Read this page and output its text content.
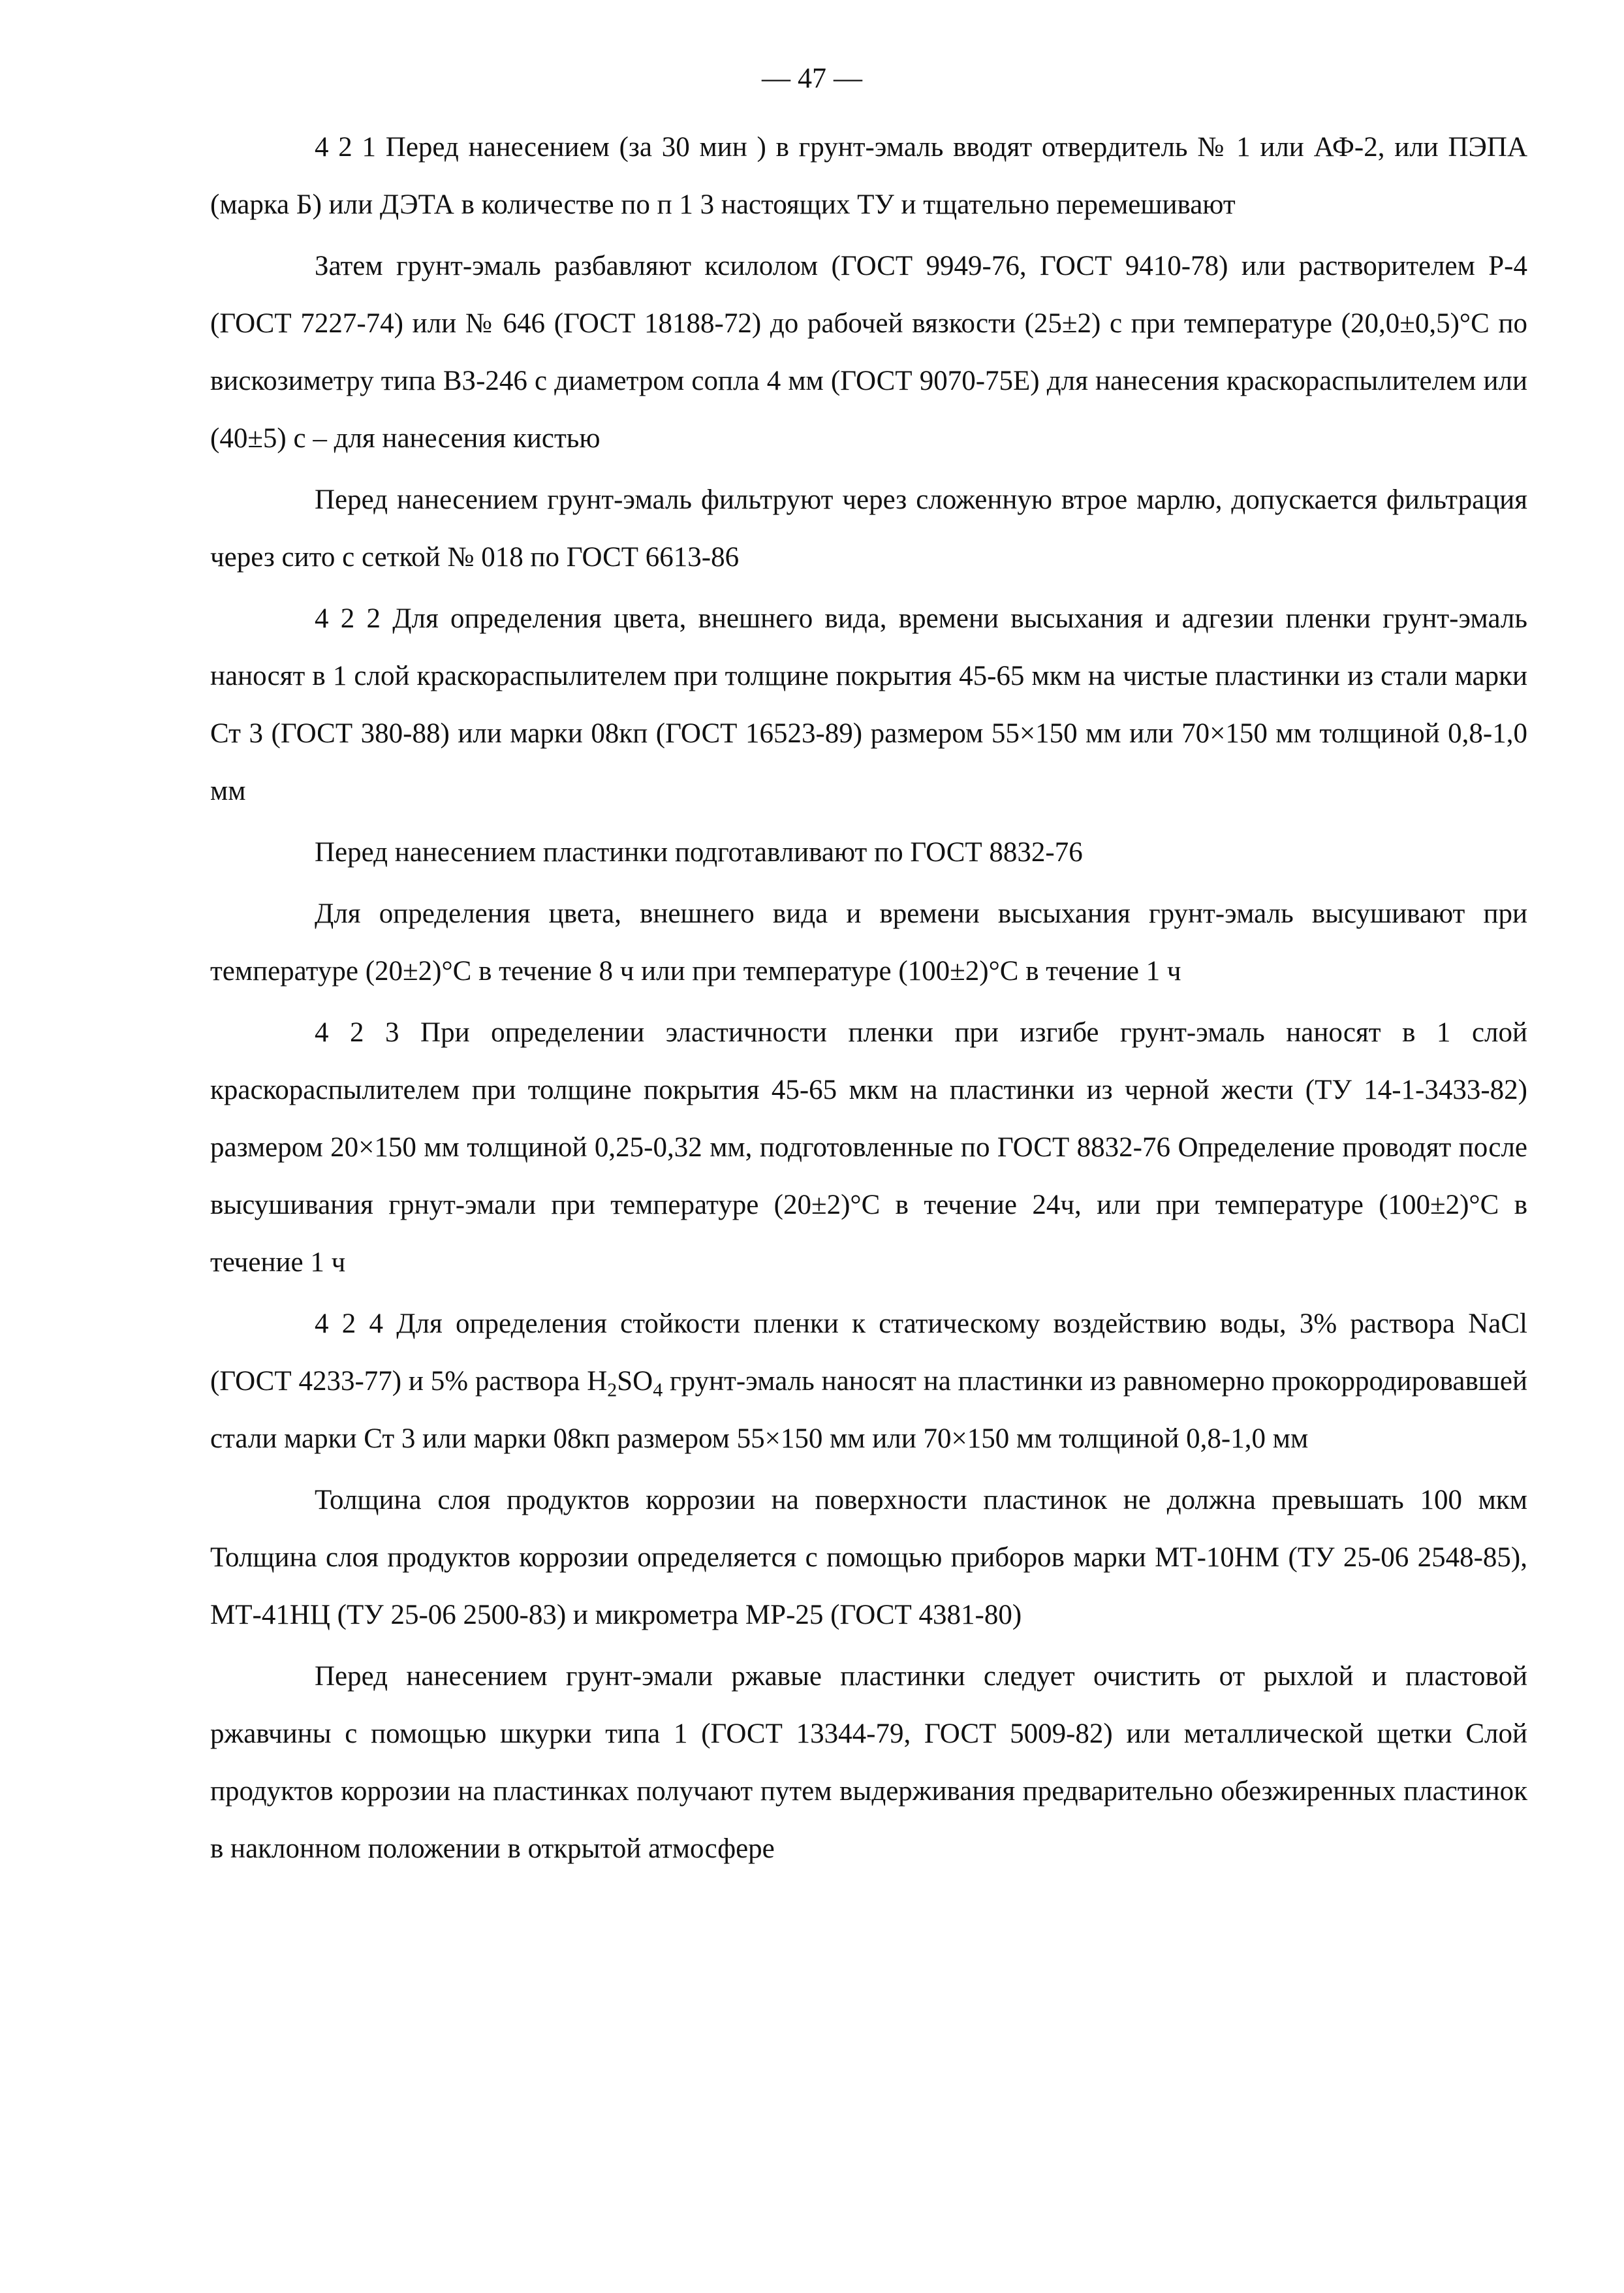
— 47 —

4 2 1 Перед нанесением (за 30 мин ) в грунт-эмаль вводят отвердитель № 1 или АФ-2, или ПЭПА (марка Б) или ДЭТА в количестве по п 1 3 настоящих ТУ и тщательно перемешивают

Затем грунт-эмаль разбавляют ксилолом (ГОСТ 9949-76, ГОСТ 9410-78) или растворителем Р-4 (ГОСТ 7227-74) или № 646 (ГОСТ 18188-72) до рабочей вязкости (25±2) с при температуре (20,0±0,5)°С по вискозиметру типа ВЗ-246 с диаметром сопла 4 мм (ГОСТ 9070-75Е) для нанесения краскораспылителем или (40±5) с – для нанесения кистью

Перед нанесением грунт-эмаль фильтруют через сложенную втрое марлю, допускается фильтрация через сито с сеткой № 018 по ГОСТ 6613-86

4 2 2 Для определения цвета, внешнего вида, времени высыхания и адгезии пленки грунт-эмаль наносят в 1 слой краскораспылителем при толщине покрытия 45-65 мкм на чистые пластинки из стали марки Ст 3 (ГОСТ 380-88) или марки 08кп (ГОСТ 16523-89) размером 55×150 мм или 70×150 мм толщиной 0,8-1,0 мм

Перед нанесением пластинки подготавливают по ГОСТ 8832-76

Для определения цвета, внешнего вида и времени высыхания грунт-эмаль высушивают при температуре (20±2)°С в течение 8 ч или при температуре (100±2)°С в течение 1 ч

4 2 3 При определении эластичности пленки при изгибе грунт-эмаль наносят в 1 слой краскораспылителем при толщине покрытия 45-65 мкм на пластинки из черной жести (ТУ 14-1-3433-82) размером 20×150 мм толщиной 0,25-0,32 мм, подготовленные по ГОСТ 8832-76 Определение проводят после высушивания грнут-эмали при температуре (20±2)°С в течение 24ч, или при температуре (100±2)°С в течение 1 ч

4 2 4 Для определения стойкости пленки к статическому воздействию воды, 3% раствора NaCl (ГОСТ 4233-77) и 5% раствора $H_2SO_4$ грунт-эмаль наносят на пластинки из равномерно прокорродировавшей стали марки Ст 3 или марки 08кп размером 55×150 мм или 70×150 мм толщиной 0,8-1,0 мм

Толщина слоя продуктов коррозии на поверхности пластинок не должна превышать 100 мкм Толщина слоя продуктов коррозии определяется с помощью приборов марки МТ-10НМ (ТУ 25-06 2548-85), МТ-41НЦ (ТУ 25-06 2500-83) и микрометра МР-25 (ГОСТ 4381-80)

Перед нанесением грунт-эмали ржавые пластинки следует очистить от рыхлой и пластовой ржавчины с помощью шкурки типа 1 (ГОСТ 13344-79, ГОСТ 5009-82) или металлической щетки Слой продуктов коррозии на пластинках получают путем выдерживания предварительно обезжиренных пластинок в наклонном положении в открытой атмосфере
